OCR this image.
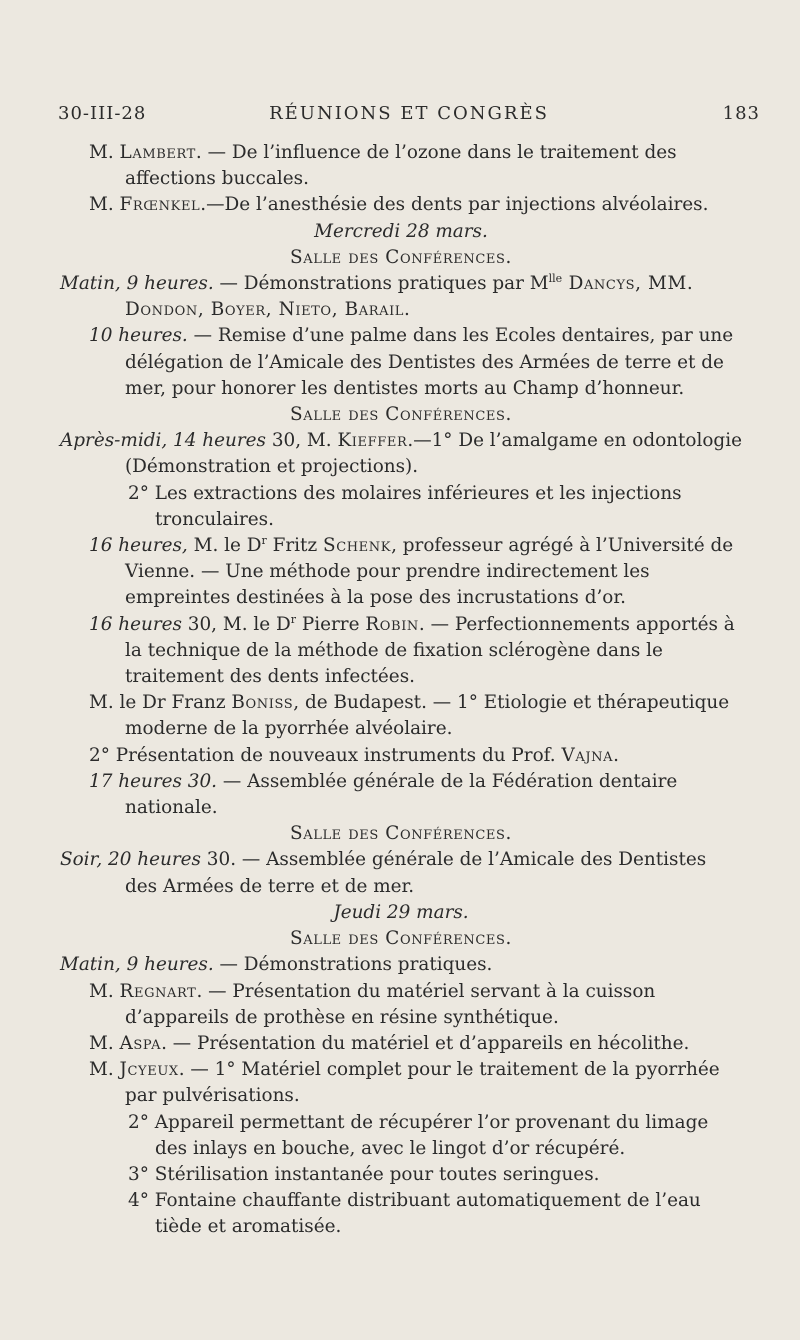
30-III-28	RÉUNIONS ET CONGRÈS	183

M. Lambert. — De l’influence de l’ozone dans le traitement des affections buccales.

M. Frœnkel.—De l’anesthésie des dents par injections alvéolaires.

Mercredi 28 mars.

Salle des Conférences.

Matin, 9 heures. — Démonstrations pratiques par $M^{lle}$ Dancys, MM. Dondon, Boyer, Nieto, Barail.

10 heures. — Remise d’une palme dans les Ecoles dentaires, par une délégation de l’Amicale des Dentistes des Armées de terre et de mer, pour honorer les dentistes morts au Champ d’honneur.

Salle des Conférences.

Après-midi, 14 heures 30, M. Kieffer.—1° De l’amalgame en odontologie (Démonstration et projections).

2° Les extractions des molaires inférieures et les injections tronculaires.

16 heures, M. le $D^r$ Fritz Schenk, professeur agrégé à l’Université de Vienne. — Une méthode pour prendre indirectement les empreintes destinées à la pose des incrustations d’or.

16 heures 30, M. le $D^r$ Pierre Robin. — Perfectionnements apportés à la technique de la méthode de fixation sclérogène dans le traitement des dents infectées.

M. le Dr Franz Boniss, de Budapest. — 1° Etiologie et thérapeutique moderne de la pyorrhée alvéolaire.

2° Présentation de nouveaux instruments du Prof. Vajna.

17 heures 30. — Assemblée générale de la Fédération dentaire nationale.

Salle des Conférences.

Soir, 20 heures 30. — Assemblée générale de l’Amicale des Dentistes des Armées de terre et de mer.

Jeudi 29 mars.

Salle des Conférences.

Matin, 9 heures. — Démonstrations pratiques.

M. Regnart. — Présentation du matériel servant à la cuisson d’appareils de prothèse en résine synthétique.

M. Aspa. — Présentation du matériel et d’appareils en hécolithe.

M. Jcyeux. — 1° Matériel complet pour le traitement de la pyorrhée par pulvérisations.

2° Appareil permettant de récupérer l’or provenant du limage des inlays en bouche, avec le lingot d’or récupéré.

3° Stérilisation instantanée pour toutes seringues.

4° Fontaine chauffante distribuant automatiquement de l’eau tiède et aromatisée.
